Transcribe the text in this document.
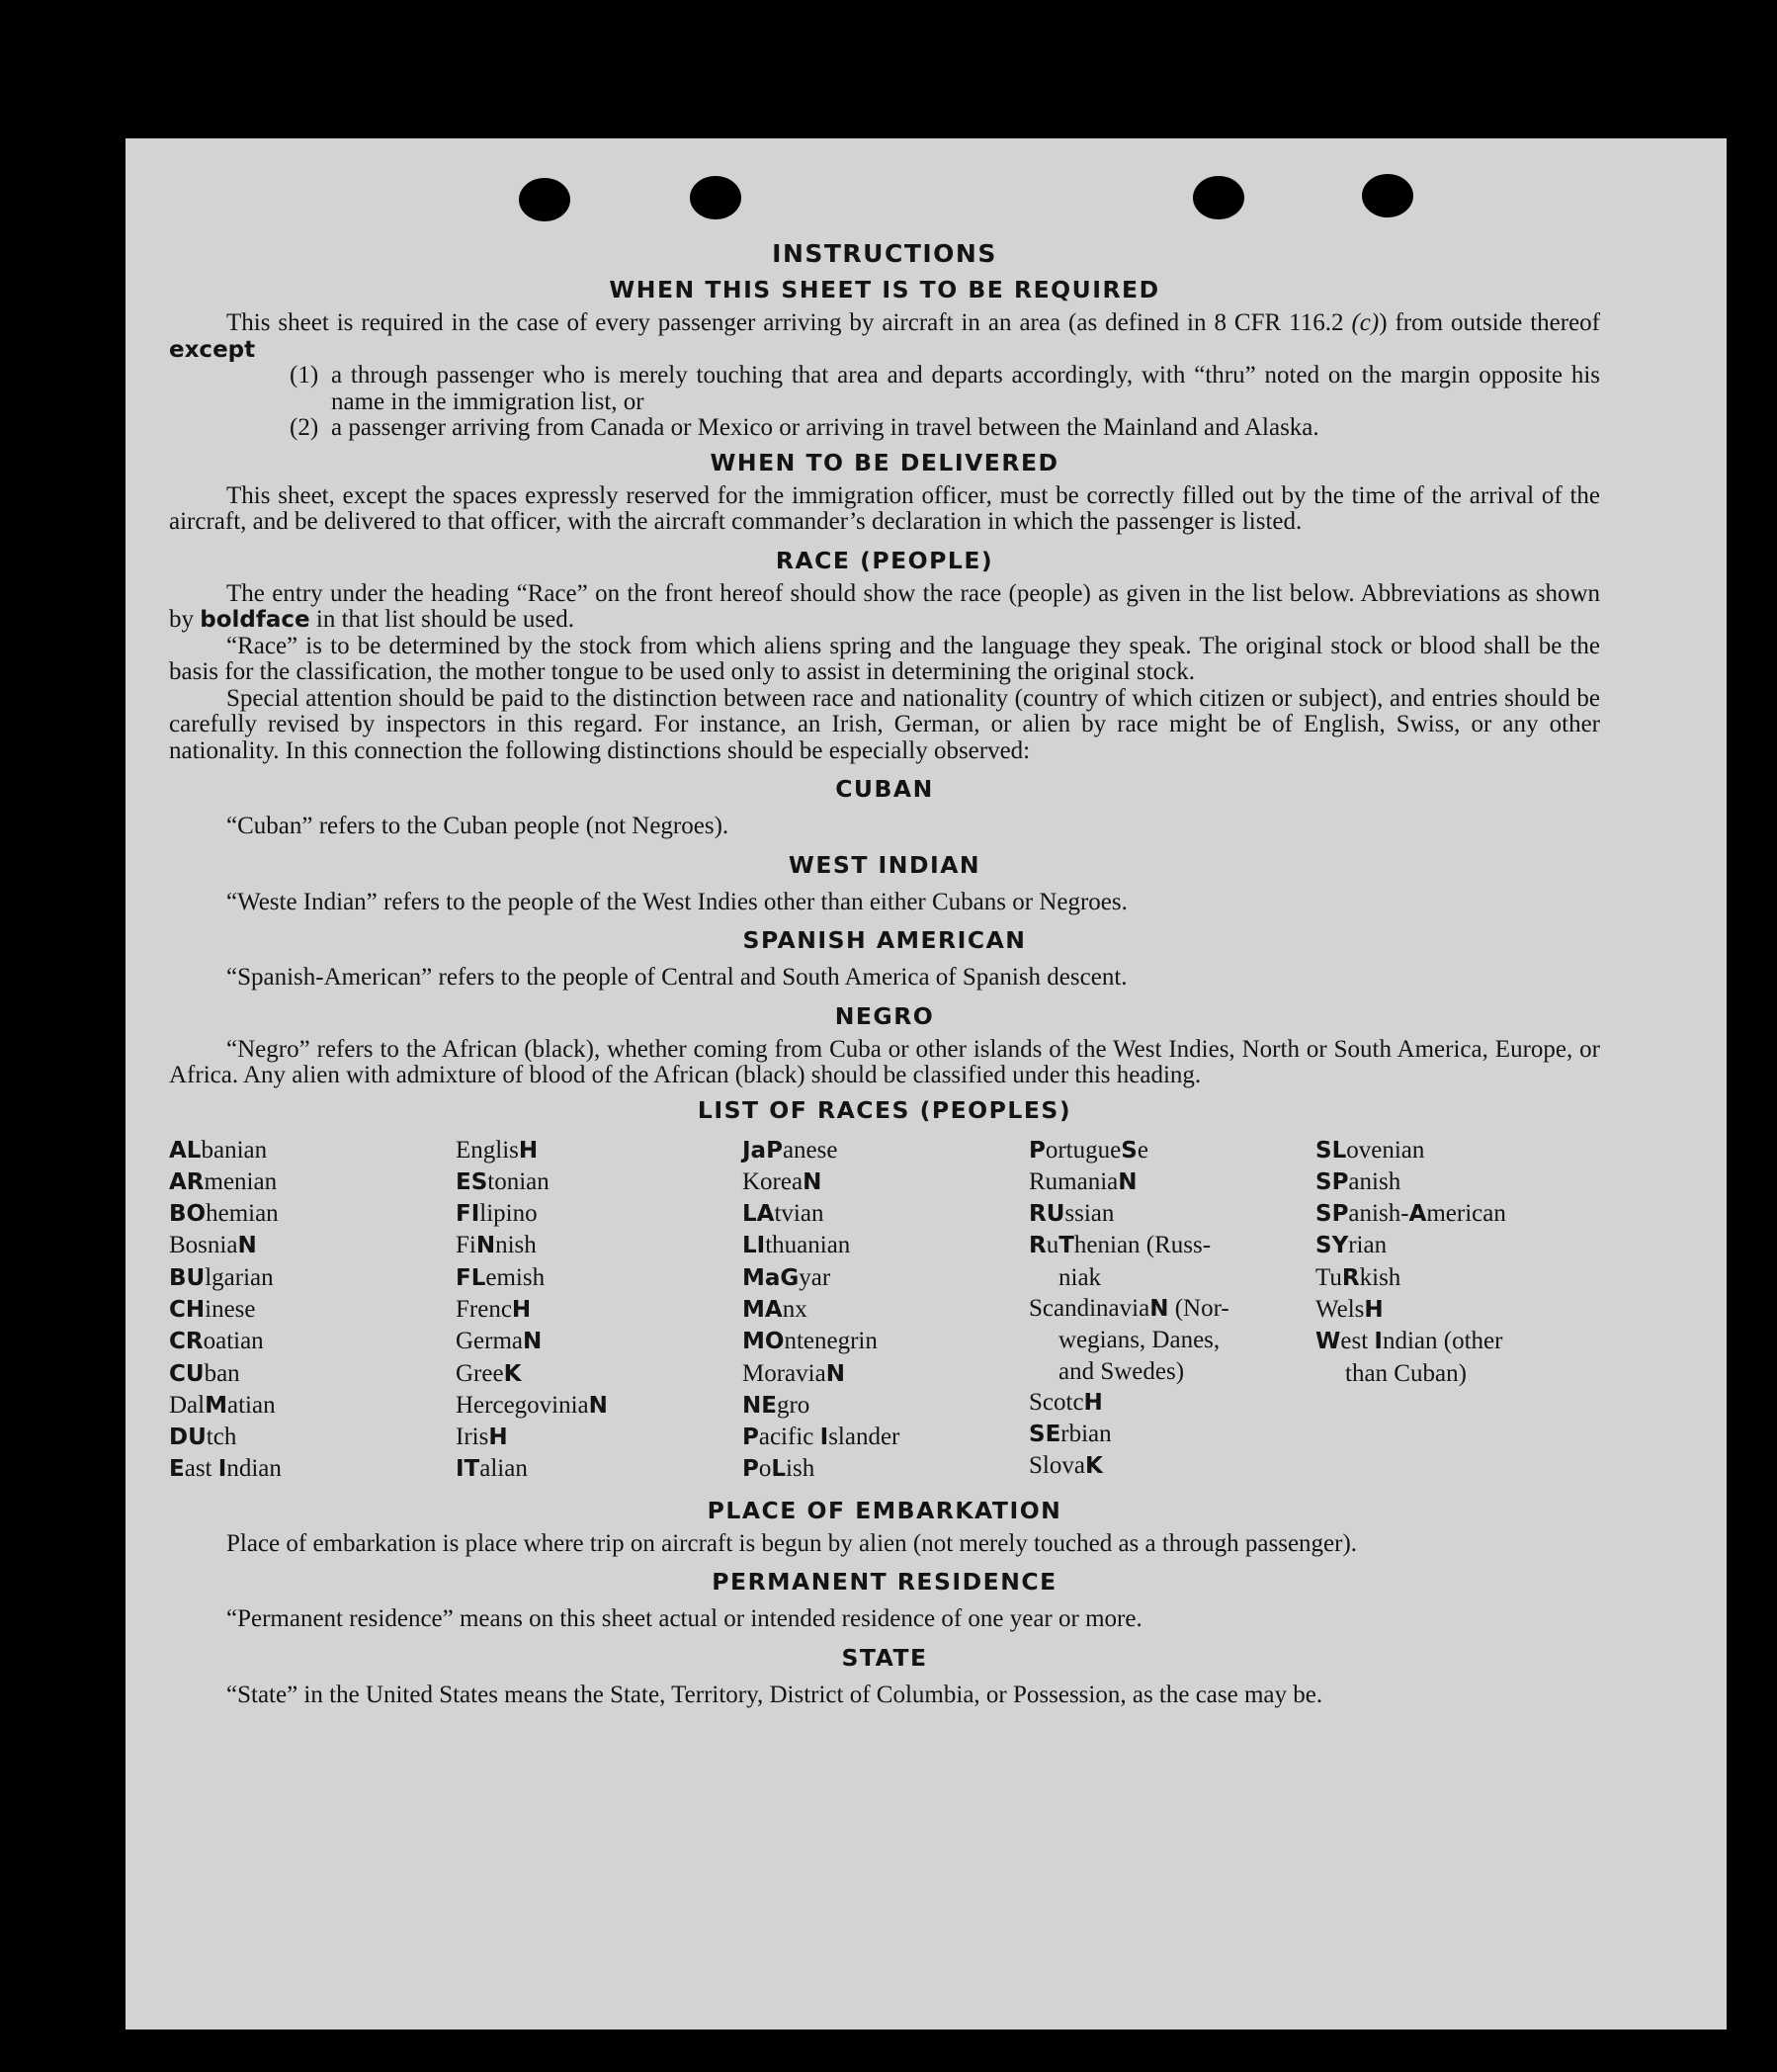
INSTRUCTIONS
WHEN THIS SHEET IS TO BE REQUIRED

This sheet is required in the case of every passenger arriving by aircraft in an area (as defined in 8 CFR 116.2 (c)) from outside thereof except

(1) a through passenger who is merely touching that area and departs accordingly, with “thru” noted on the margin opposite his name in the immigration list, or
(2) a passenger arriving from Canada or Mexico or arriving in travel between the Mainland and Alaska.
WHEN TO BE DELIVERED

This sheet, except the spaces expressly reserved for the immigration officer, must be correctly filled out by the time of the arrival of the aircraft, and be delivered to that officer, with the aircraft commander’s declaration in which the passenger is listed.

RACE (PEOPLE)

The entry under the heading “Race” on the front hereof should show the race (people) as given in the list below. Abbreviations as shown by boldface in that list should be used.

“Race” is to be determined by the stock from which aliens spring and the language they speak. The original stock or blood shall be the basis for the classification, the mother tongue to be used only to assist in determining the original stock.

Special attention should be paid to the distinction between race and nationality (country of which citizen or subject), and entries should be carefully revised by inspectors in this regard. For instance, an Irish, German, or alien by race might be of English, Swiss, or any other nationality. In this connection the following distinctions should be especially observed:

CUBAN

“Cuban” refers to the Cuban people (not Negroes).

WEST INDIAN

“Weste Indian” refers to the people of the West Indies other than either Cubans or Negroes.

SPANISH AMERICAN

“Spanish-American” refers to the people of Central and South America of Spanish descent.

NEGRO

“Negro” refers to the African (black), whether coming from Cuba or other islands of the West Indies, North or South America, Europe, or Africa. Any alien with admixture of blood of the African (black) should be classified under this heading.

LIST OF RACES (PEOPLES)
ALbanian
ARmenian
BOhemian
BosniaN
BUlgarian
CHinese
CRoatian
CUban
DalMatian
DUtch
East Indian
EnglisH
EStonian
FIlipino
FiNnish
FLemish
FrencH
GermaN
GreeK
HercegoviniaN
IrisH
ITalian
JaPanese
KoreaN
LAtvian
LIthuanian
MaGyar
MAnx
MOntenegrin
MoraviaN
NEgro
Pacific Islander
PoLish
PortugueSe
RumaniaN
RUssian
RuThenian (Russ-
niak
ScandinaviaN (Nor-
wegians, Danes,
and Swedes)
ScotcH
SErbian
SlovaK
SLovenian
SPanish
SPanish-American
SYrian
TuRkish
WelsH
West Indian (other
than Cuban)
PLACE OF EMBARKATION

Place of embarkation is place where trip on aircraft is begun by alien (not merely touched as a through passenger).

PERMANENT RESIDENCE

“Permanent residence” means on this sheet actual or intended residence of one year or more.

STATE

“State” in the United States means the State, Territory, District of Columbia, or Possession, as the case may be.
